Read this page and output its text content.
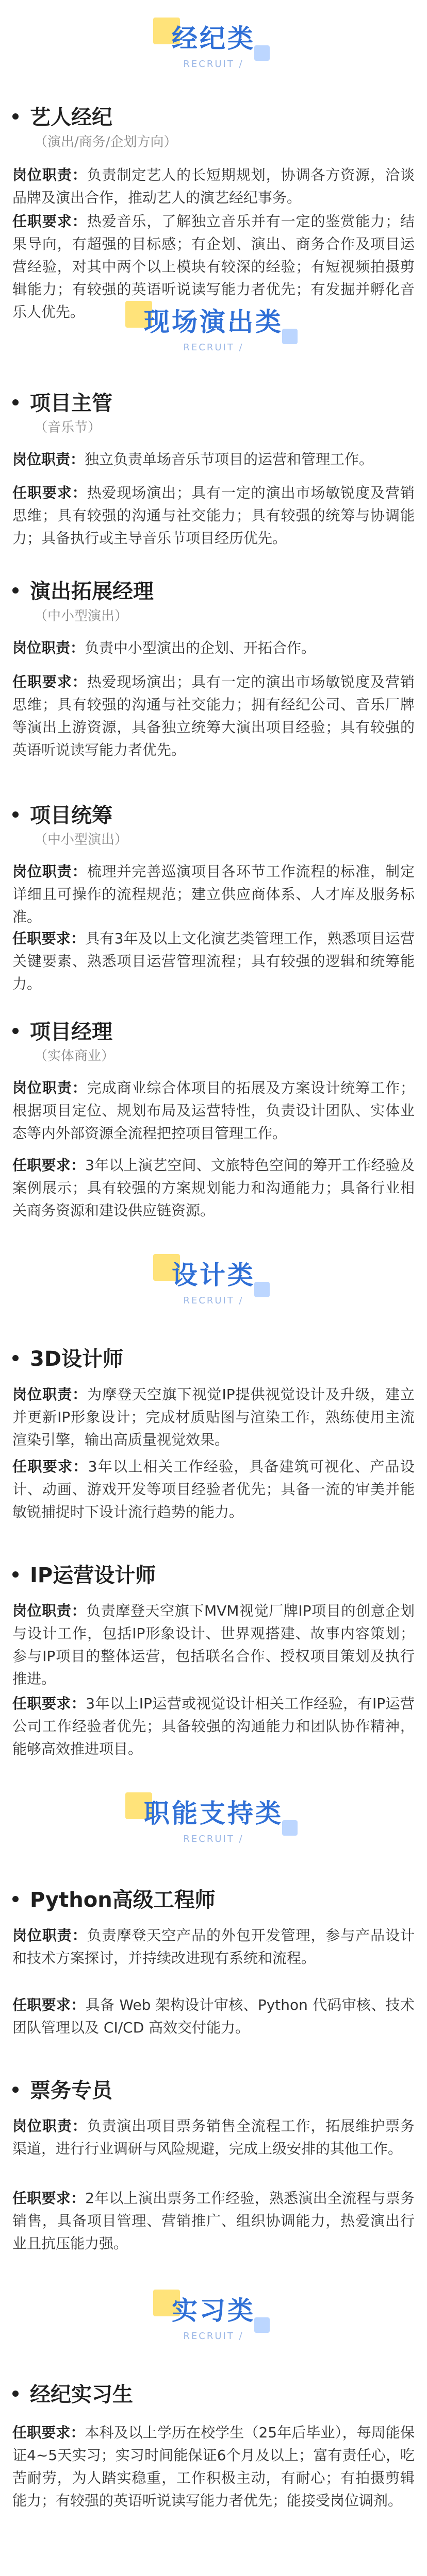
经纪类
RECRUIT /
艺人经纪
（演出/商务/企划方向）
岗位职责：负责制定艺人的长短期规划，协调各方资源，洽谈品牌及演出合作，推动艺人的演艺经纪事务。
任职要求：热爱音乐，了解独立音乐并有一定的鉴赏能力；结果导向，有超强的目标感；有企划、演出、商务合作及项目运营经验，对其中两个以上模块有较深的经验；有短视频拍摄剪辑能力；有较强的英语听说读写能力者优先；有发掘并孵化音乐人优先。	现场演出类
RECRUIT /
项目主管
（音乐节）
岗位职责：独立负责单场音乐节项目的运营和管理工作。
任职要求：热爱现场演出；具有一定的演出市场敏锐度及营销思维；具有较强的沟通与社交能力；具有较强的统筹与协调能力；具备执行或主导音乐节项目经历优先。
演出拓展经理
（中小型演出）
岗位职责：负责中小型演出的企划、开拓合作。
任职要求：热爱现场演出；具有一定的演出市场敏锐度及营销思维；具有较强的沟通与社交能力；拥有经纪公司、音乐厂牌等演出上游资源，具备独立统筹大演出项目经验；具有较强的英语听说读写能力者优先。
项目统筹
（中小型演出）
岗位职责：梳理并完善巡演项目各环节工作流程的标准，制定详细且可操作的流程规范；建立供应商体系、人才库及服务标准。
任职要求：具有3年及以上文化演艺类管理工作，熟悉项目运营关键要素、熟悉项目运营管理流程；具有较强的逻辑和统筹能力。
项目经理
（实体商业）
岗位职责：完成商业综合体项目的拓展及方案设计统筹工作；根据项目定位、规划布局及运营特性，负责设计团队、实体业态等内外部资源全流程把控项目管理工作。
任职要求：3年以上演艺空间、文旅特色空间的筹开工作经验及案例展示；具有较强的方案规划能力和沟通能力；具备行业相关商务资源和建设供应链资源。
设计类
RECRUIT /
3D设计师
岗位职责：为摩登天空旗下视觉IP提供视觉设计及升级，建立并更新IP形象设计；完成材质贴图与渲染工作，熟练使用主流渲染引擎，输出高质量视觉效果。
任职要求：3年以上相关工作经验，具备建筑可视化、产品设计、动画、游戏开发等项目经验者优先；具备一流的审美并能敏锐捕捉时下设计流行趋势的能力。
IP运营设计师
岗位职责：负责摩登天空旗下MVM视觉厂牌IP项目的创意企划与设计工作，包括IP形象设计、世界观搭建、故事内容策划；参与IP项目的整体运营，包括联名合作、授权项目策划及执行推进。
任职要求：3年以上IP运营或视觉设计相关工作经验，有IP运营公司工作经验者优先；具备较强的沟通能力和团队协作精神，能够高效推进项目。
职能支持类
RECRUIT /
Python高级工程师
岗位职责：负责摩登天空产品的外包开发管理，参与产品设计和技术方案探讨，并持续改进现有系统和流程。
任职要求：具备 Web 架构设计审核、Python 代码审核、技术团队管理以及 CI/CD 高效交付能力。
票务专员
岗位职责：负责演出项目票务销售全流程工作，拓展维护票务渠道，进行行业调研与风险规避，完成上级安排的其他工作。
任职要求：2年以上演出票务工作经验，熟悉演出全流程与票务销售，具备项目管理、营销推广、组织协调能力，热爱演出行业且抗压能力强。
实习类
RECRUIT /
经纪实习生
任职要求：本科及以上学历在校学生（25年后毕业），每周能保证4~5天实习；实习时间能保证6个月及以上；富有责任心，吃苦耐劳，为人踏实稳重，工作积极主动，有耐心；有拍摄剪辑能力；有较强的英语听说读写能力者优先；能接受岗位调剂。
